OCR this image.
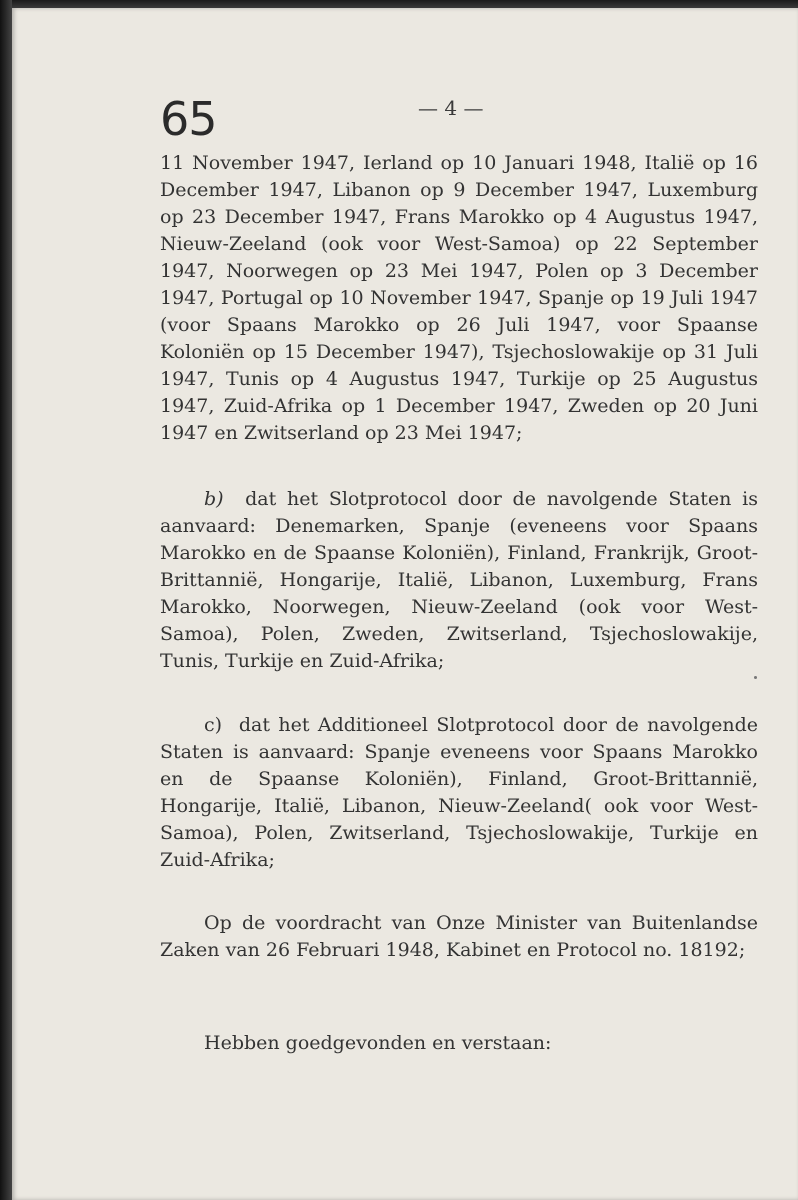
65	— 4 —

11 November 1947, Ierland op 10 Januari 1948, Italië op 16 December 1947, Libanon op 9 December 1947, Luxemburg op 23 December 1947, Frans Marokko op 4 Augustus 1947, Nieuw-Zeeland (ook voor West-Samoa) op 22 September 1947, Noorwegen op 23 Mei 1947, Polen op 3 December 1947, Portugal op 10 November 1947, Spanje op 19 Juli 1947 (voor Spaans Marokko op 26 Juli 1947, voor Spaanse Koloniën op 15 December 1947), Tsjechoslowakije op 31 Juli 1947, Tunis op 4 Augustus 1947, Turkije op 25 Augustus 1947, Zuid-Afrika op 1 December 1947, Zweden op 20 Juni 1947 en Zwitserland op 23 Mei 1947;

b) dat het Slotprotocol door de navolgende Staten is aanvaard: Denemarken, Spanje (eveneens voor Spaans Marokko en de Spaanse Koloniën), Finland, Frankrijk, Groot-Brittannië, Hongarije, Italië, Libanon, Luxemburg, Frans Marokko, Noorwegen, Nieuw-Zeeland (ook voor West-Samoa), Polen, Zweden, Zwitserland, Tsjechoslowakije, Tunis, Turkije en Zuid-Afrika;

c) dat het Additioneel Slotprotocol door de navolgende Staten is aanvaard: Spanje eveneens voor Spaans Marokko en de Spaanse Koloniën), Finland, Groot-Brittannië, Hongarije, Italië, Libanon, Nieuw-Zeeland( ook voor West-Samoa), Polen, Zwitserland, Tsjechoslowakije, Turkije en Zuid-Afrika;

Op de voordracht van Onze Minister van Buitenlandse Zaken van 26 Februari 1948, Kabinet en Protocol no. 18192;

Hebben goedgevonden en verstaan:
